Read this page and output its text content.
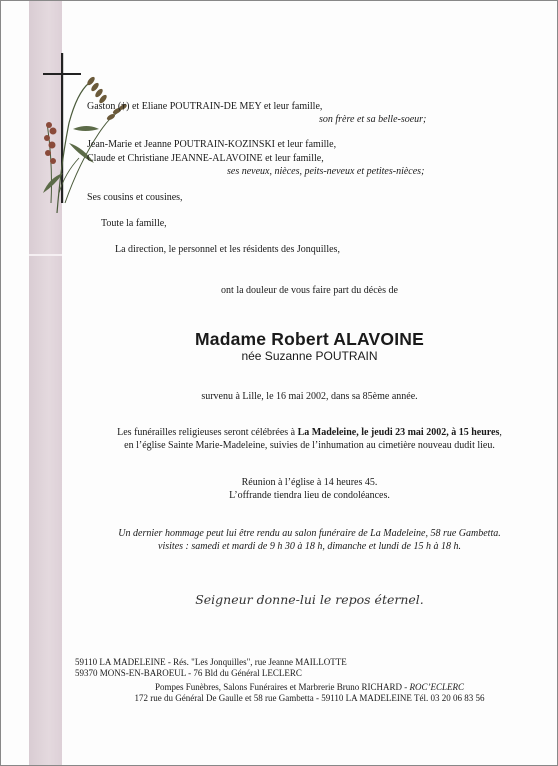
Gaston (†) et Eliane POUTRAIN-DE MEY et leur famille,
son frère et sa belle-soeur;
Jean-Marie et Jeanne POUTRAIN-KOZINSKI et leur famille,
Claude et Christiane JEANNE-ALAVOINE et leur famille,
ses neveux, nièces, peits-neveux et petites-nièces;
Ses cousins et cousines,
Toute la famille,
La direction, le personnel et les résidents des Jonquilles,
ont la douleur de vous faire part du décès de
Madame Robert ALAVOINE
née Suzanne POUTRAIN
survenu à Lille, le 16 mai 2002, dans sa 85ème année.
Les funérailles religieuses seront célébrées à La Madeleine, le jeudi 23 mai 2002, à 15 heures,
en l’église Sainte Marie-Madeleine, suivies de l’inhumation au cimetière nouveau dudit lieu.
Réunion à l’église à 14 heures 45.
L’offrande tiendra lieu de condoléances.
Un dernier hommage peut lui être rendu au salon funéraire de La Madeleine, 58 rue Gambetta.
visites : samedi et mardi de 9 h 30 à 18 h, dimanche et lundi de 15 h à 18 h.
Seigneur donne-lui le repos éternel.
59110 LA MADELEINE - Rés. "Les Jonquilles", rue Jeanne MAILLOTTE
59370 MONS-EN-BAROEUL - 76 Bld du Général LECLERC
Pompes Funèbres, Salons Funéraires et Marbrerie Bruno RICHARD - ROC’ECLERC
172 rue du Général De Gaulle et 58 rue Gambetta - 59110 LA MADELEINE Tél. 03 20 06 83 56
